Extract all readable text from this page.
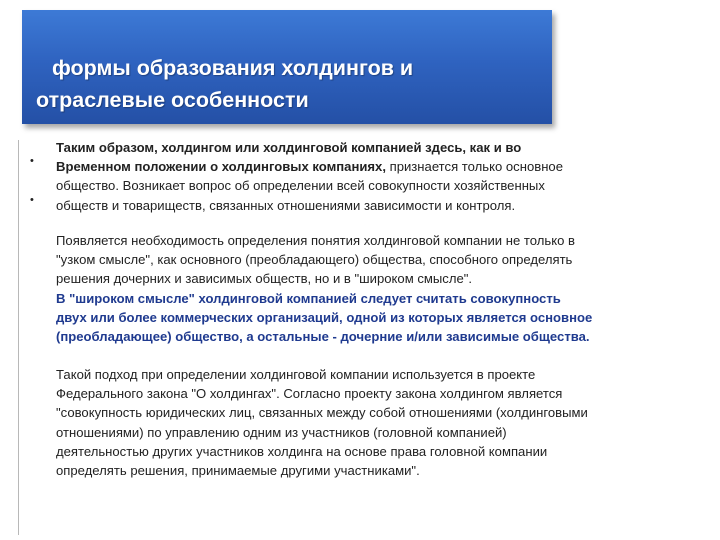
формы образования холдингов и
отраслевые особенности
•
•
Таким образом, холдингом или холдинговой компанией здесь, как и во
Временном положении о холдинговых компаниях, признается только основное
общество. Возникает вопрос об определении всей совокупности хозяйственных
обществ и товариществ, связанных отношениями зависимости и контроля.
Появляется необходимость определения понятия холдинговой компании не только в
"узком смысле", как основного (преобладающего) общества, способного определять
решения дочерних и зависимых обществ, но и в "широком смысле".
В "широком смысле" холдинговой компанией следует считать совокупность
двух или более коммерческих организаций, одной из которых является основное
(преобладающее) общество, а остальные - дочерние и/или зависимые общества.
Такой подход при определении холдинговой компании используется в проекте
Федерального закона "О холдингах". Согласно проекту закона холдингом является
"совокупность юридических лиц, связанных между собой отношениями (холдинговыми
отношениями) по управлению одним из участников (головной компанией)
деятельностью других участников холдинга на основе права головной компании
определять решения, принимаемые другими участниками".
